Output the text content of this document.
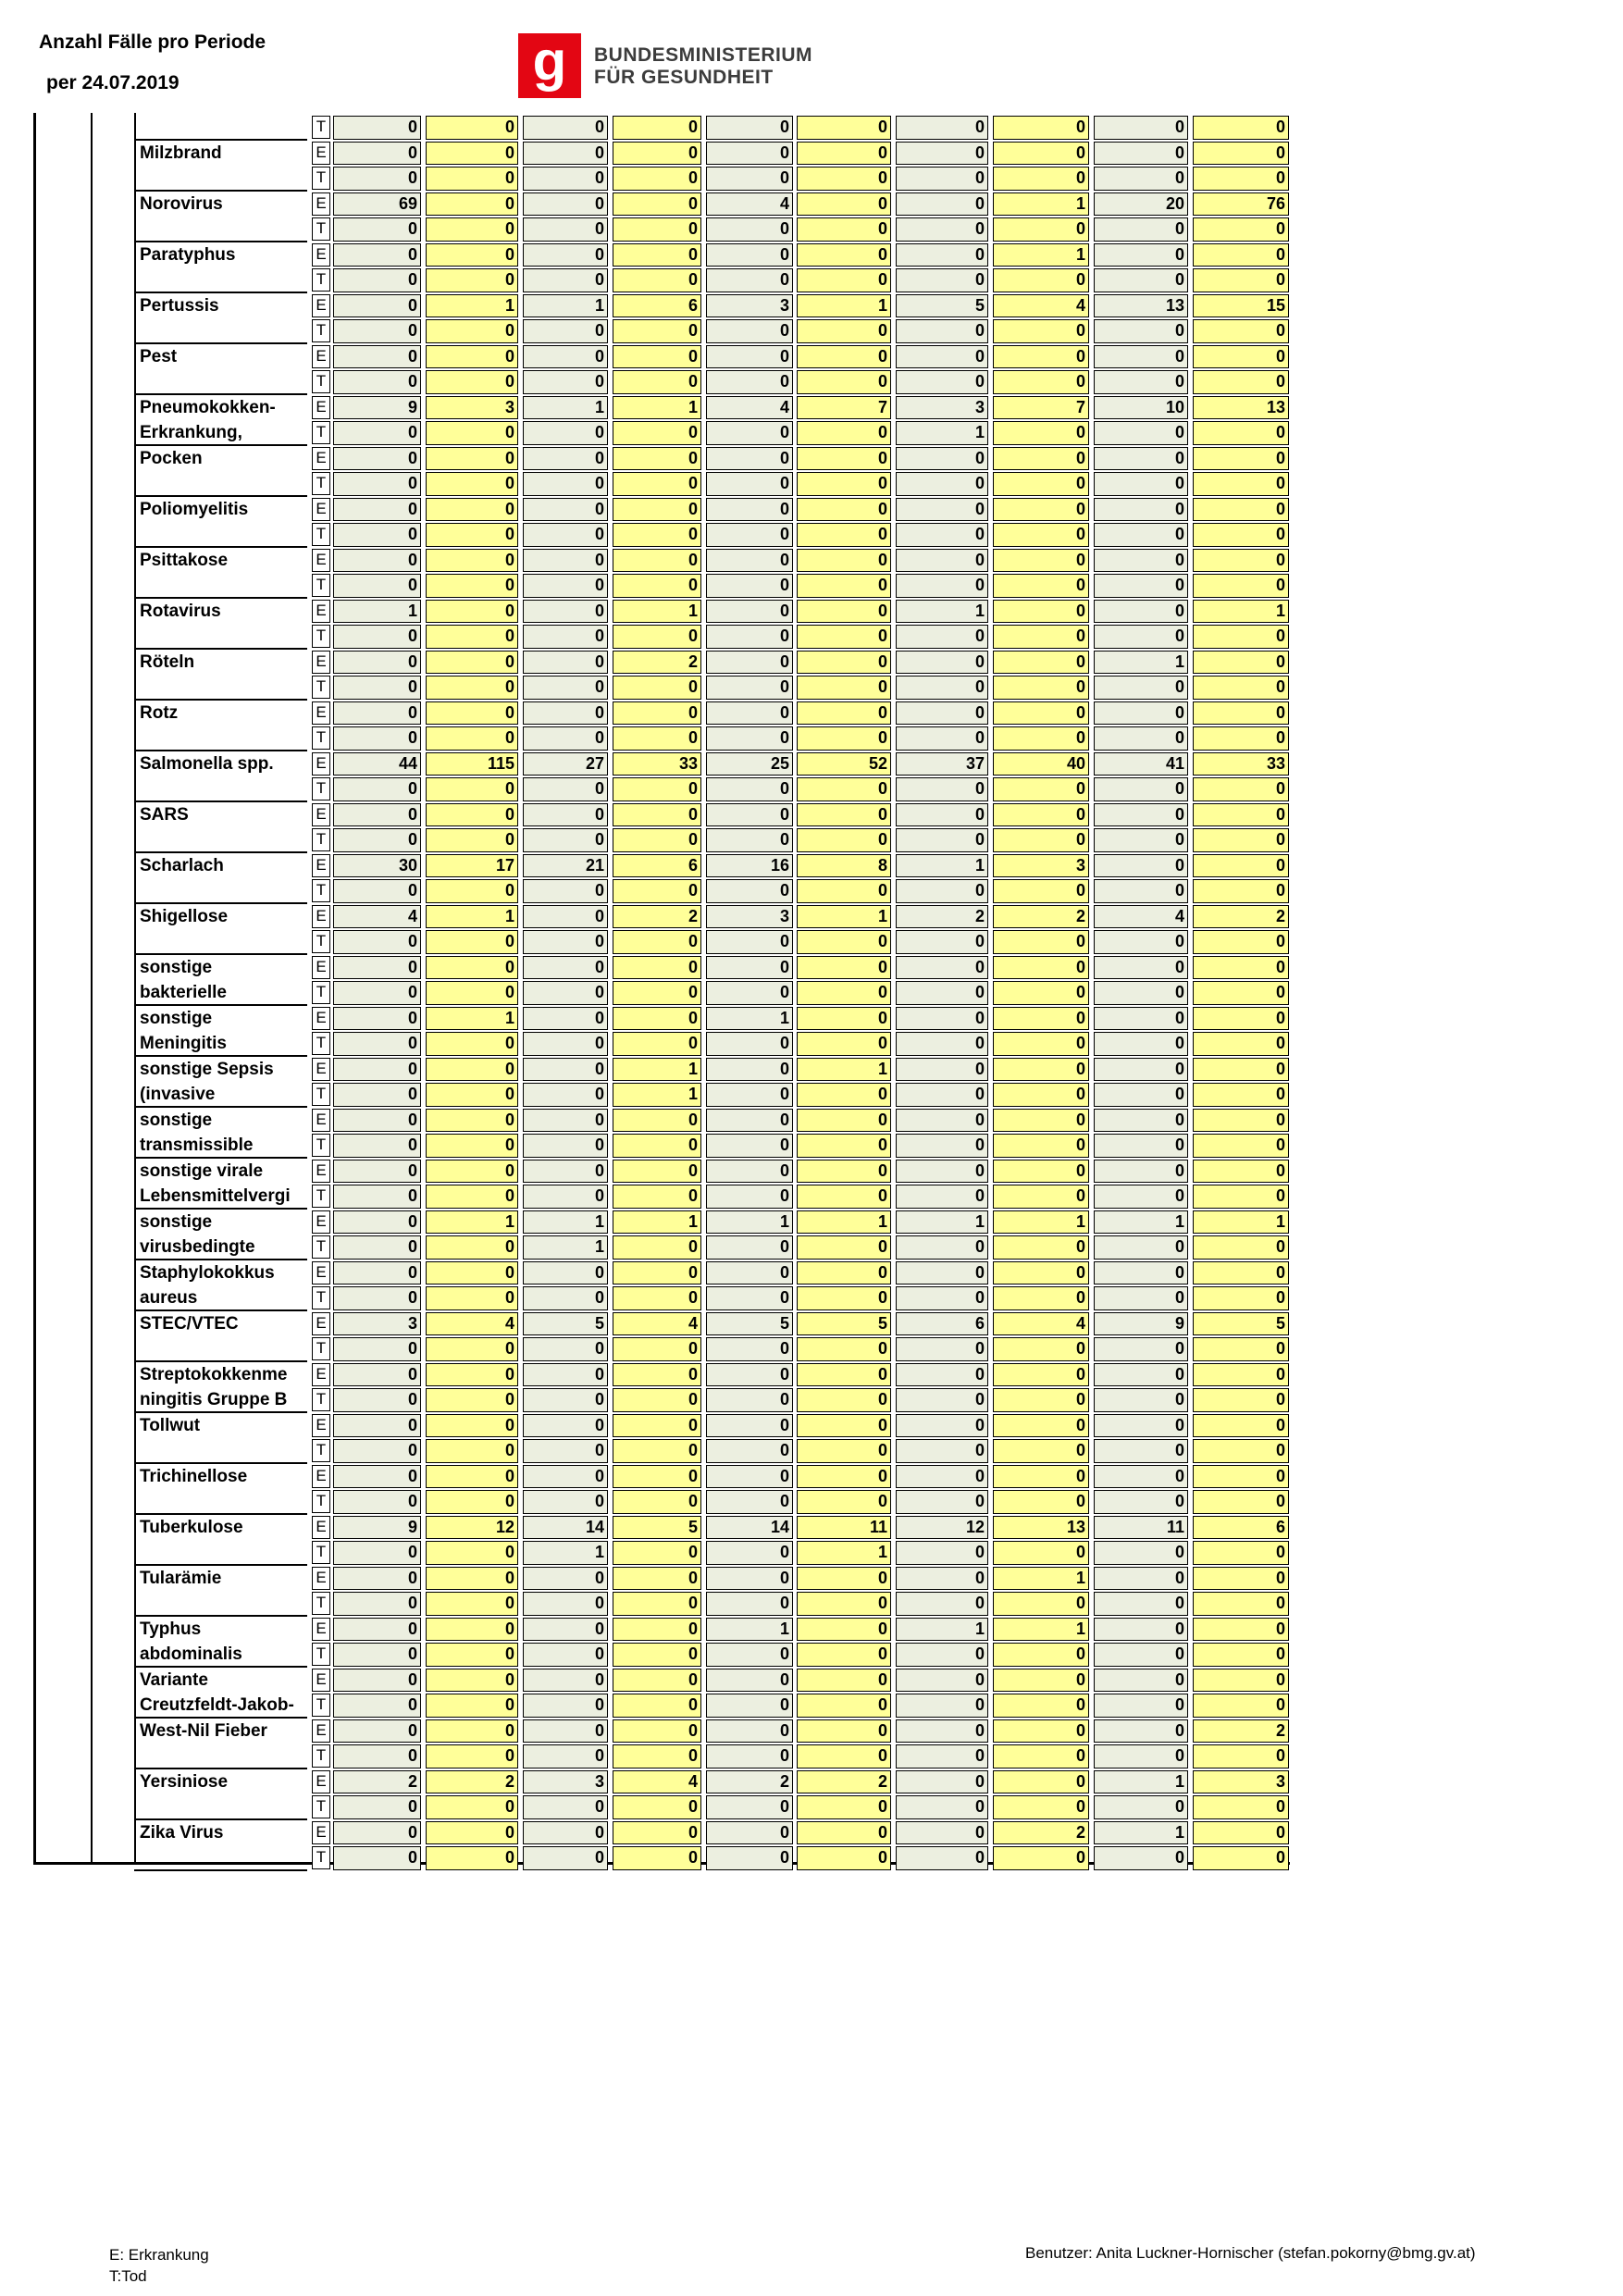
Anzahl Fälle pro Periode
per 24.07.2019	g BUNDESMINISTERIUM
FÜR GESUNDHEIT
T	0	0	0	0	0	0	0	0	0	0
Milzbrand	E	0	0	0	0	0	0	0	0	0	0
T	0	0	0	0	0	0	0	0	0	0
Norovirus	E	69	0	0	0	4	0	0	1	20	76
T	0	0	0	0	0	0	0	0	0	0
Paratyphus	E	0	0	0	0	0	0	0	1	0	0
T	0	0	0	0	0	0	0	0	0	0
Pertussis	E	0	1	1	6	3	1	5	4	13	15
T	0	0	0	0	0	0	0	0	0	0
Pest	E	0	0	0	0	0	0	0	0	0	0
T	0	0	0	0	0	0	0	0	0	0
Pneumokokken-	E	9	3	1	1	4	7	3	7	10	13
Erkrankung,	T	0	0	0	0	0	0	1	0	0	0
Pocken	E	0	0	0	0	0	0	0	0	0	0
T	0	0	0	0	0	0	0	0	0	0
Poliomyelitis	E	0	0	0	0	0	0	0	0	0	0
T	0	0	0	0	0	0	0	0	0	0
Psittakose	E	0	0	0	0	0	0	0	0	0	0
T	0	0	0	0	0	0	0	0	0	0
Rotavirus	E	1	0	0	1	0	0	1	0	0	1
T	0	0	0	0	0	0	0	0	0	0
Röteln	E	0	0	0	2	0	0	0	0	1	0
T	0	0	0	0	0	0	0	0	0	0
Rotz	E	0	0	0	0	0	0	0	0	0	0
T	0	0	0	0	0	0	0	0	0	0
Salmonella spp.	E	44	115	27	33	25	52	37	40	41	33
T	0	0	0	0	0	0	0	0	0	0
SARS	E	0	0	0	0	0	0	0	0	0	0
T	0	0	0	0	0	0	0	0	0	0
Scharlach	E	30	17	21	6	16	8	1	3	0	0
T	0	0	0	0	0	0	0	0	0	0
Shigellose	E	4	1	0	2	3	1	2	2	4	2
T	0	0	0	0	0	0	0	0	0	0
sonstige	E	0	0	0	0	0	0	0	0	0	0
bakterielle	T	0	0	0	0	0	0	0	0	0	0
sonstige	E	0	1	0	0	1	0	0	0	0	0
Meningitis	T	0	0	0	0	0	0	0	0	0	0
sonstige Sepsis	E	0	0	0	1	0	1	0	0	0	0
(invasive	T	0	0	0	1	0	0	0	0	0	0
sonstige	E	0	0	0	0	0	0	0	0	0	0
transmissible	T	0	0	0	0	0	0	0	0	0	0
sonstige virale	E	0	0	0	0	0	0	0	0	0	0
Lebensmittelvergi	T	0	0	0	0	0	0	0	0	0	0
sonstige	E	0	1	1	1	1	1	1	1	1	1
virusbedingte	T	0	0	1	0	0	0	0	0	0	0
Staphylokokkus	E	0	0	0	0	0	0	0	0	0	0
aureus	T	0	0	0	0	0	0	0	0	0	0
STEC/VTEC	E	3	4	5	4	5	5	6	4	9	5
T	0	0	0	0	0	0	0	0	0	0
Streptokokkenme	E	0	0	0	0	0	0	0	0	0	0
ningitis Gruppe B	T	0	0	0	0	0	0	0	0	0	0
Tollwut	E	0	0	0	0	0	0	0	0	0	0
T	0	0	0	0	0	0	0	0	0	0
Trichinellose	E	0	0	0	0	0	0	0	0	0	0
T	0	0	0	0	0	0	0	0	0	0
Tuberkulose	E	9	12	14	5	14	11	12	13	11	6
T	0	0	1	0	0	1	0	0	0	0
Tularämie	E	0	0	0	0	0	0	0	1	0	0
T	0	0	0	0	0	0	0	0	0	0
Typhus	E	0	0	0	0	1	0	1	1	0	0
abdominalis	T	0	0	0	0	0	0	0	0	0	0
Variante	E	0	0	0	0	0	0	0	0	0	0
Creutzfeldt-Jakob-	T	0	0	0	0	0	0	0	0	0	0
West-Nil Fieber	E	0	0	0	0	0	0	0	0	0	2
T	0	0	0	0	0	0	0	0	0	0
Yersiniose	E	2	2	3	4	2	2	0	0	1	3
T	0	0	0	0	0	0	0	0	0	0
Zika Virus	E	0	0	0	0	0	0	0	2	1	0
T	0	0	0	0	0	0	0	0	0	0
E: Erkrankung
T:Tod
Benutzer: Anita Luckner-Hornischer (stefan.pokorny@bmg.gv.at)
